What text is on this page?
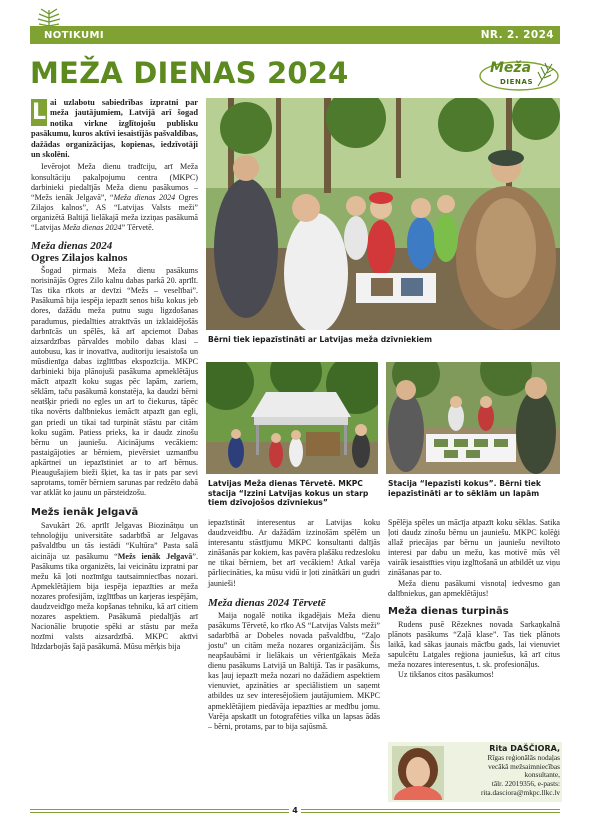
NOTIKUMI	NR. 2. 2024
MEŽA DIENAS 2024	Meža
DIENAS

L ai uzlabotu sabiedrības izpratni par meža jautājumiem, Latvijā arī šogad notika virkne izglītojošu publisku pasākumu, kuros aktīvi iesaistījās pašvaldības, dažādas organizācijas, kopienas, iedzīvotāji un skolēni.

Ievērojot Meža dienu tradīciju, arī Meža konsultāciju pakalpojumu centra (MKPC) darbinieki piedalījās Meža dienu pasākumos – “Mežs ienāk Jelgavā”, “Meža dienas 2024 Ogres Zilajos kalnos”, AS “Latvijas Valsts meži” organizētā Baltijā lielākajā meža izziņas pasākumā “Latvijas Meža dienas 2024” Tērvetē.

Meža dienas 2024
Ogres Zilajos kalnos

Šogad pirmais Meža dienu pasākums norisinājās Ogres Zilo kalnu dabas parkā 20. aprīlī. Tas tika rīkots ar devīzi “Mežs – veselībai”. Pasākumā bija iespēja iepazīt senos bišu kokus jeb dores, dažādu meža putnu sugu ligzdošanas paradumus, piedalīties atraktīvās un izklaidējošās darbnīcās un spēlēs, kā arī apciemot Dabas aizsardzības pārvaldes mobilo dabas klasi – autobusu, kas ir inovatīva, auditoriju iesaistoša un mūsdienīga dabas izglītības ekspozīcija. MKPC darbinieki bija plānojuši pasākuma apmeklētājus mācīt atpazīt koku sugas pēc lapām, zariem, sēklām, taču pasākumā konstatēja, ka daudzi bērni neatšķir priedi no egles un arī to čiekurus, tāpēc tika novērts dalībniekus iemācīt atpazīt gan egli, gan priedi un tikai tad turpināt stāstu par citām koku sugām. Patiess prieks, ka ir daudz zinošu bērnu un jauniešu. Aicinājums vecākiem: pastaigājoties ar bērniem, pievērsiet uzmanību apkārtnei un iepazīstiniet ar to arī bērnus. Pieaugušajiem bieži šķiet, ka tas ir pats par sevi saprotams, tomēr bērniem sarunas par redzēto dabā var atklāt ko jaunu un pārsteidzošu.

Mežs ienāk Jelgavā

Savukārt 26. aprīlī Jelgavas Biozinātņu un tehnoloģiju universitāte sadarbībā ar Jelgavas pašvaldību un tās iestādi “Kultūra” Pasta salā aicināja uz pasākumu “Mežs ienāk Jelgavā”. Pasākums tika organizēts, lai veicinātu izpratni par mežu kā ļoti nozīmīgu tautsaimniecības nozari. Apmeklētājiem bija iespēja iepazīties ar meža nozares profesijām, izglītības un karjeras iespējām, daudzveidīgo meža kopšanas tehniku, kā arī citiem nozares aspektiem. Pasākumā piedalījās arī Nacionālie bruņotie spēki ar stāstu par meža nozīmi valsts aizsardzībā. MKPC aktīvi līdzdarbojās šajā pasākumā. Mūsu mērķis bija

Bērni tiek iepazīstināti ar Latvijas meža dzīvniekiem
Latvijas Meža dienas Tērvetē. MKPC stacija “Izzini Latvijas kokus un starp tiem dzīvojošos dzīvniekus”
Stacija “Iepazīsti kokus”. Bērni tiek iepazīstināti ar to sēklām un lapām

iepazīstināt interesentus ar Latvijas koku daudzveidību. Ar dažādām izzinošām spēlēm un interesantu stāstījumu MKPC konsultanti dalījās zināšanās par kokiem, kas pavēra plašāku redzesloku ne tikai bērniem, bet arī vecākiem! Atkal varēja pārliecināties, ka mūsu vidū ir ļoti zinātkāri un gudri jaunieši!

Meža dienas 2024 Tērvetē

Maija nogalē notika ikgadējais Meža dienu pasākums Tērvetē, ko rīko AS “Latvijas Valsts meži” sadarbībā ar Dobeles novada pašvaldību, “Zaļo jostu” un citām meža nozares organizācijām. Šis neapšaubāmi ir lielākais un vērienīgākais Meža dienu pasākums Latvijā un Baltijā. Tas ir pasākums, kas ļauj iepazīt meža nozari no dažādiem aspektiem vienuviet, apzināties ar speciālistiem un saņemt atbildes uz sev interesējošiem jautājumiem. MKPC apmeklētājiem piedāvāja iepazīties ar medību jomu. Varēja apskatīt un fotografēties vilka un lapsas ādās – bērni, protams, par to bija sajūsmā.

Spēlēja spēles un mācīja atpazīt koku sēklas. Satika ļoti daudz zinošu bērnu un jauniešu. MKPC kolēģi allaž priecājas par bērnu un jauniešu neviltoto interesi par dabu un mežu, kas motivē mūs vēl vairāk iesaistīties viņu izglītošanā un atbildēt uz viņu zināšanas par to.

Meža dienu pasākumi visnotaļ iedvesmo gan dalībniekus, gan apmeklētājus!

Meža dienas turpinās

Rudens pusē Rēzeknes novada Sarkaņkalnā plānots pasākums “Zaļā klase”. Tas tiek plānots laikā, kad sākas jaunais mācību gads, lai vienuviet sapulcētu Latgales reģiona jauniešus, kā arī citus meža nozares interesentus, t. sk. profesionāļus.

Uz tikšanos citos pasākumos!

Rita DAŠČIORA,
Rīgas reģionālās nodaļas
vecākā mežsaimniecības
konsultante,
tālr. 22019356, e-pasts:
rita.dasciora@mkpc.llkc.lv
4
